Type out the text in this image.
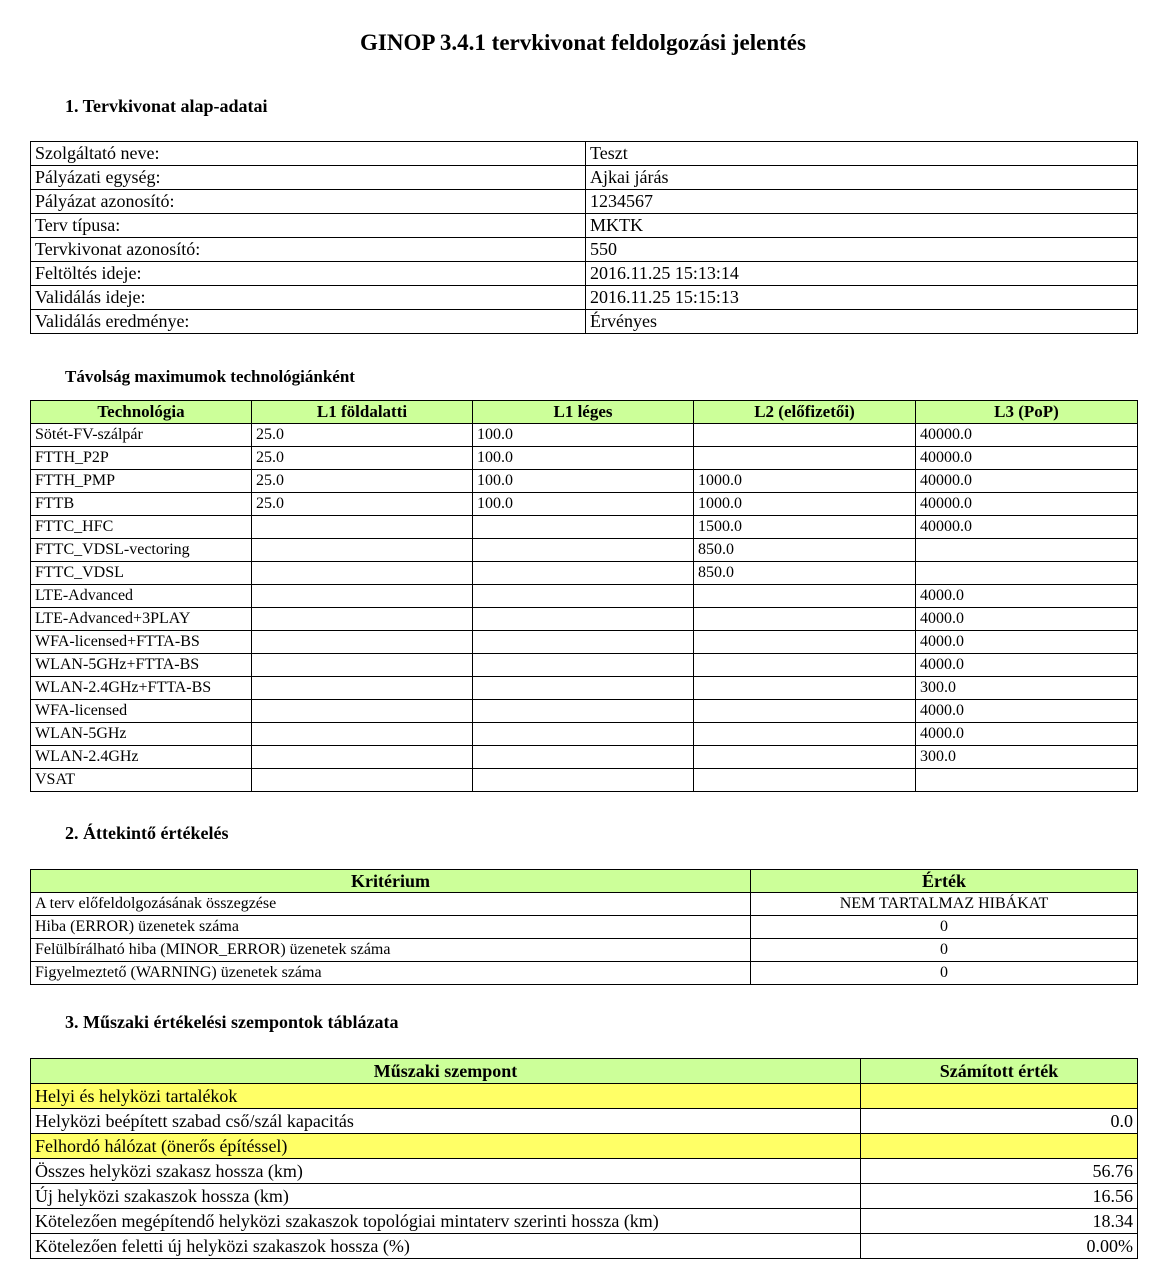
GINOP 3.4.1 tervkivonat feldolgozási jelentés
1. Tervkivonat alap-adatai
Szolgáltató neve:	Teszt
Pályázati egység:	Ajkai járás
Pályázat azonosító:	1234567
Terv típusa:	MKTK
Tervkivonat azonosító:	550
Feltöltés ideje:	2016.11.25 15:13:14
Validálás ideje:	2016.11.25 15:15:13
Validálás eredménye:	Érvényes
Távolság maximumok technológiánként
Technológia	L1 földalatti	L1 léges	L2 (előfizetői)	L3 (PoP)
Sötét-FV-szálpár	25.0	100.0		40000.0
FTTH_P2P	25.0	100.0		40000.0
FTTH_PMP	25.0	100.0	1000.0	40000.0
FTTB	25.0	100.0	1000.0	40000.0
FTTC_HFC			1500.0	40000.0
FTTC_VDSL-vectoring			850.0	
FTTC_VDSL			850.0	
LTE-Advanced				4000.0
LTE-Advanced+3PLAY				4000.0
WFA-licensed+FTTA-BS				4000.0
WLAN-5GHz+FTTA-BS				4000.0
WLAN-2.4GHz+FTTA-BS				300.0
WFA-licensed				4000.0
WLAN-5GHz				4000.0
WLAN-2.4GHz				300.0
VSAT				
2. Áttekintő értékelés
Kritérium	Érték
A terv előfeldolgozásának összegzése	NEM TARTALMAZ HIBÁKAT
Hiba (ERROR) üzenetek száma	0
Felülbírálható hiba (MINOR_ERROR) üzenetek száma	0
Figyelmeztető (WARNING) üzenetek száma	0
3. Műszaki értékelési szempontok táblázata
Műszaki szempont	Számított érték
Helyi és helyközi tartalékok	
Helyközi beépített szabad cső/szál kapacitás	0.0
Felhordó hálózat (önerős építéssel)	
Összes helyközi szakasz hossza (km)	56.76
Új helyközi szakaszok hossza (km)	16.56
Kötelezően megépítendő helyközi szakaszok topológiai mintaterv szerinti hossza (km)	18.34
Kötelezően feletti új helyközi szakaszok hossza (%)	0.00%
